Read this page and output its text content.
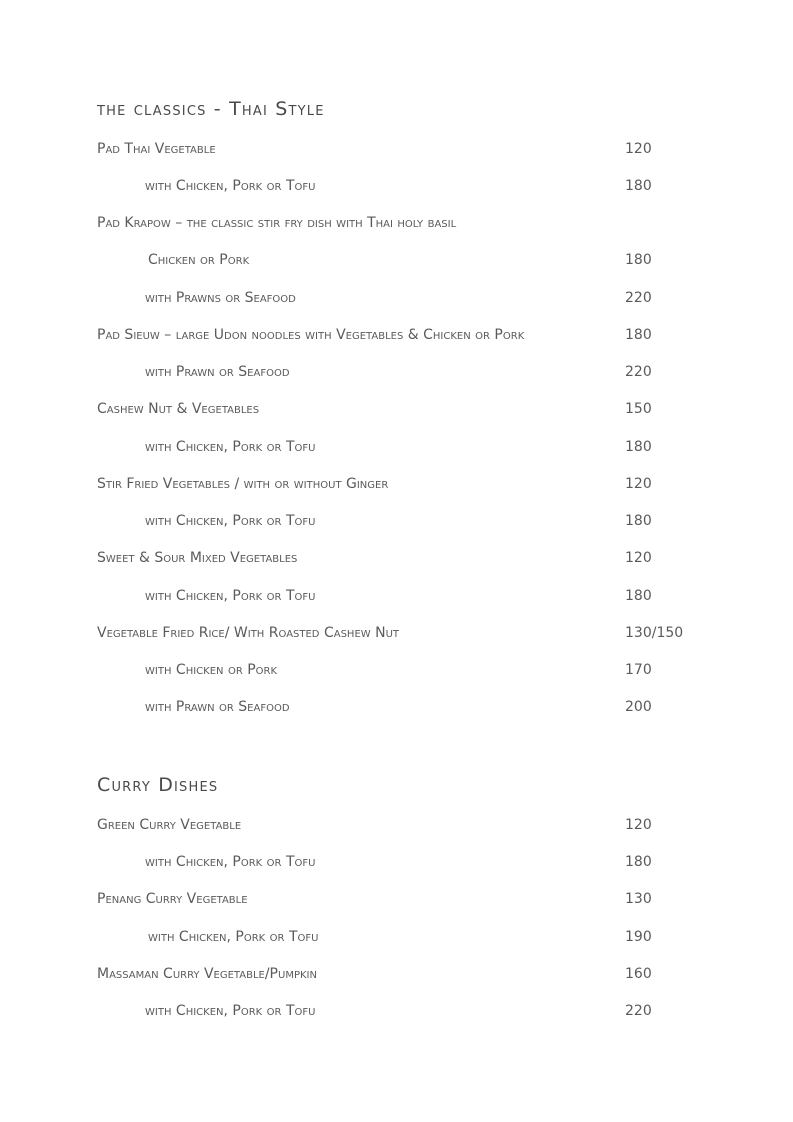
the classics - Thai Style
Pad Thai Vegetable	120
with Chicken, Pork or Tofu	180
Pad Krapow – the classic stir fry dish with Thai holy basil
Chicken or Pork	180
with Prawns or Seafood	220
Pad Sieuw – large Udon noodles with Vegetables & Chicken or Pork	180
with Prawn or Seafood	220
Cashew Nut & Vegetables	150
with Chicken, Pork or Tofu	180
Stir Fried Vegetables / with or without Ginger	120
with Chicken, Pork or Tofu	180
Sweet & Sour Mixed Vegetables	120
with Chicken, Pork or Tofu	180
Vegetable Fried Rice/ With Roasted Cashew Nut	130/150
with Chicken or Pork	170
with Prawn or Seafood	200
Curry Dishes
Green Curry Vegetable	120
with Chicken, Pork or Tofu	180
Penang Curry Vegetable	130
with Chicken, Pork or Tofu	190
Massaman Curry Vegetable/Pumpkin	160
with Chicken, Pork or Tofu	220
